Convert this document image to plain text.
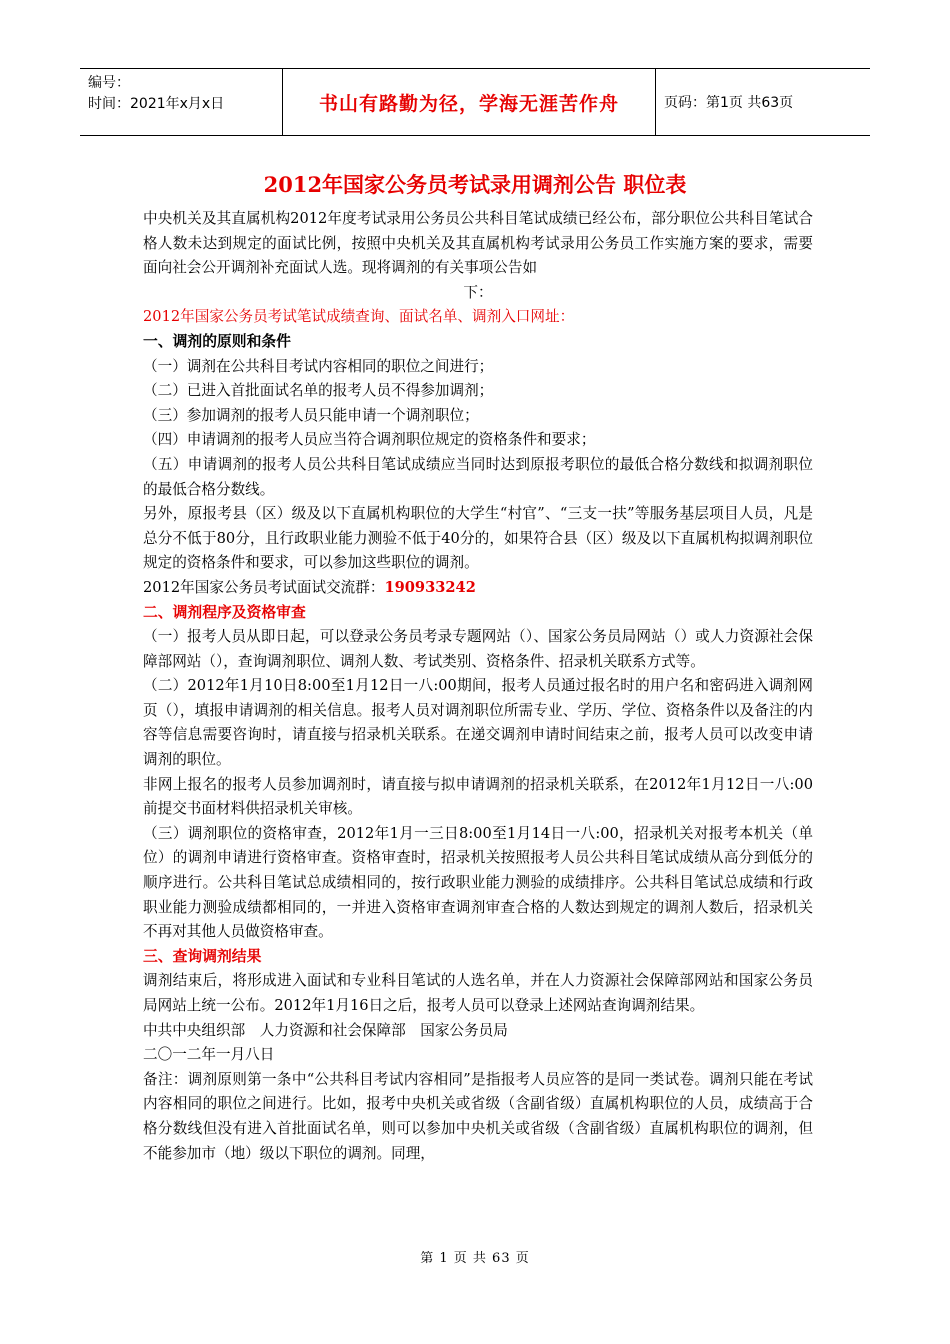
编号：
时间：2021年x月x日	书山有路勤为径，学海无涯苦作舟	页码：第1页 共63页
2012年国家公务员考试录用调剂公告 职位表

中央机关及其直属机构2012年度考试录用公务员公共科目笔试成绩已经公布，部分职位公共科目笔试合格人数未达到规定的面试比例，按照中央机关及其直属机构考试录用公务员工作实施方案的要求，需要面向社会公开调剂补充面试人选。现将调剂的有关事项公告如

下：

2012年国家公务员考试笔试成绩查询、面试名单、调剂入口网址：

一、调剂的原则和条件

（一）调剂在公共科目考试内容相同的职位之间进行；

（二）已进入首批面试名单的报考人员不得参加调剂；

（三）参加调剂的报考人员只能申请一个调剂职位；

（四）申请调剂的报考人员应当符合调剂职位规定的资格条件和要求；

（五）申请调剂的报考人员公共科目笔试成绩应当同时达到原报考职位的最低合格分数线和拟调剂职位的最低合格分数线。

另外，原报考县（区）级及以下直属机构职位的大学生“村官”、“三支一扶”等服务基层项目人员，凡是总分不低于80分，且行政职业能力测验不低于40分的，如果符合县（区）级及以下直属机构拟调剂职位规定的资格条件和要求，可以参加这些职位的调剂。

2012年国家公务员考试面试交流群：190933242

二、调剂程序及资格审查

（一）报考人员从即日起，可以登录公务员考录专题网站（）、国家公务员局网站（）或人力资源社会保障部网站（），查询调剂职位、调剂人数、考试类别、资格条件、招录机关联系方式等。

（二）2012年1月10日8:00至1月12日一八:00期间，报考人员通过报名时的用户名和密码进入调剂网页（），填报申请调剂的相关信息。报考人员对调剂职位所需专业、学历、学位、资格条件以及备注的内容等信息需要咨询时，请直接与招录机关联系。在递交调剂申请时间结束之前，报考人员可以改变申请调剂的职位。

非网上报名的报考人员参加调剂时，请直接与拟申请调剂的招录机关联系，在2012年1月12日一八:00前提交书面材料供招录机关审核。

（三）调剂职位的资格审查，2012年1月一三日8:00至1月14日一八:00，招录机关对报考本机关（单位）的调剂申请进行资格审查。资格审查时，招录机关按照报考人员公共科目笔试成绩从高分到低分的顺序进行。公共科目笔试总成绩相同的，按行政职业能力测验的成绩排序。公共科目笔试总成绩和行政职业能力测验成绩都相同的，一并进入资格审查调剂审查合格的人数达到规定的调剂人数后，招录机关不再对其他人员做资格审查。

三、查询调剂结果

调剂结束后，将形成进入面试和专业科目笔试的人选名单，并在人力资源社会保障部网站和国家公务员局网站上统一公布。2012年1月16日之后，报考人员可以登录上述网站查询调剂结果。

中共中央组织部　人力资源和社会保障部　国家公务员局

二〇一二年一月八日

备注：调剂原则第一条中“公共科目考试内容相同”是指报考人员应答的是同一类试卷。调剂只能在考试内容相同的职位之间进行。比如，报考中央机关或省级（含副省级）直属机构职位的人员，成绩高于合格分数线但没有进入首批面试名单，则可以参加中央机关或省级（含副省级）直属机构职位的调剂，但不能参加市（地）级以下职位的调剂。同理，

第 1 页 共 63 页
